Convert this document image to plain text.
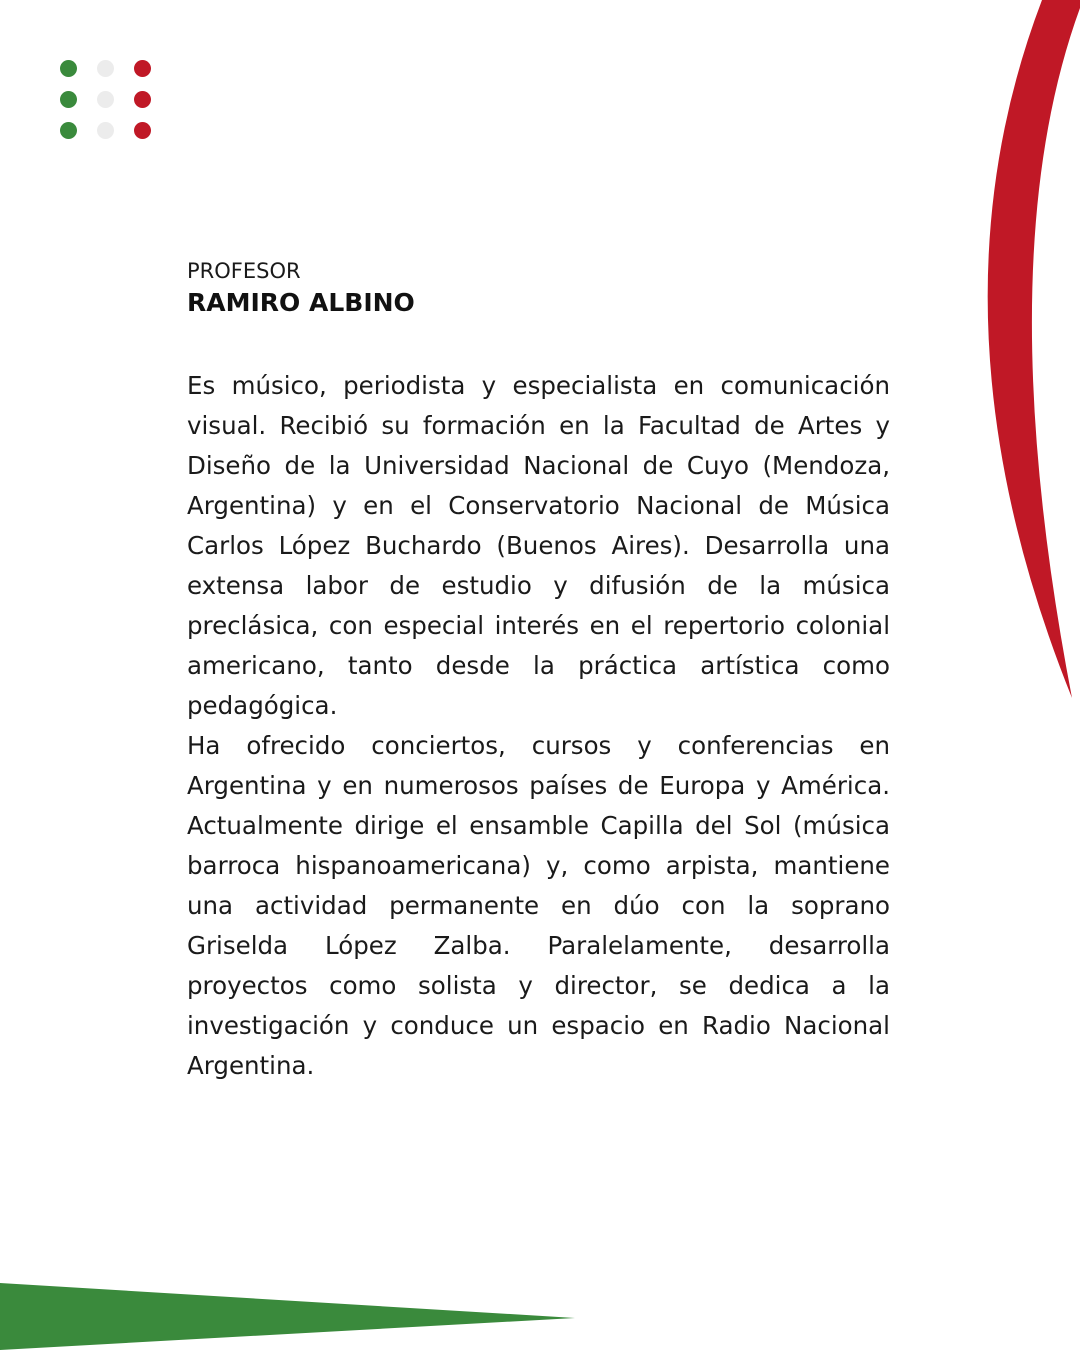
PROFESOR
RAMIRO ALBINO

Es músico, periodista y especialista en comunicación visual. Recibió su formación en la Facultad de Artes y Diseño de la Universidad Nacional de Cuyo (Mendoza, Argentina) y en el Conservatorio Nacional de Música Carlos López Buchardo (Buenos Aires). Desarrolla una extensa labor de estudio y difusión de la música preclásica, con especial interés en el repertorio colonial americano, tanto desde la práctica artística como pedagógica.

Ha ofrecido conciertos, cursos y conferencias en Argentina y en numerosos países de Europa y América. Actualmente dirige el ensamble Capilla del Sol (música barroca hispanoamericana) y, como arpista, mantiene una actividad permanente en dúo con la soprano Griselda López Zalba. Paralelamente, desarrolla proyectos como solista y director, se dedica a la investigación y conduce un espacio en Radio Nacional Argentina.
